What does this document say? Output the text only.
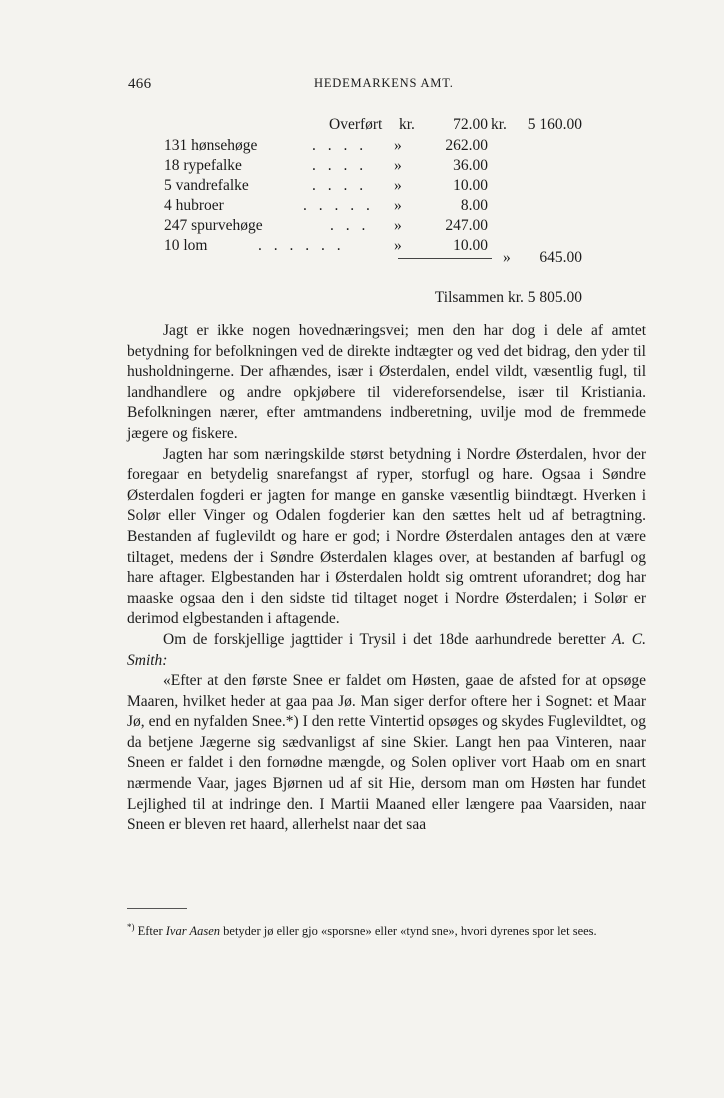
466	HEDEMARKENS AMT.
Overført kr. 72.00 kr. 5 160.00
131 hønsehøge	. . . . »	262.00
18 rypefalke	. . . . »	36.00
5 vandrefalke	. . . . »	10.00
4 hubroer	. . . . . »	8.00
247 spurvehøge	. . . »	247.00
10 lom	. . . . . .	»	10.00
» 645.00
Tilsammen kr. 5 805.00

Jagt er ikke nogen hovednæringsvei; men den har dog i dele af amtet betydning for befolkningen ved de direkte indtægter og ved det bidrag, den yder til husholdningerne. Der afhændes, især i Østerdalen, endel vildt, væsentlig fugl, til landhandlere og andre opkjøbere til videreforsendelse, især til Kristiania. Befolkningen nærer, efter amtmandens indberetning, uvilje mod de fremmede jægere og fiskere.

Jagten har som næringskilde størst betydning i Nordre Østerdalen, hvor der foregaar en betydelig snarefangst af ryper, storfugl og hare. Ogsaa i Søndre Østerdalen fogderi er jagten for mange en ganske væsentlig biindtægt. Hverken i Solør eller Vinger og Odalen fogderier kan den sættes helt ud af betragtning. Bestanden af fuglevildt og hare er god; i Nordre Østerdalen antages den at være tiltaget, medens der i Søndre Østerdalen klages over, at bestanden af barfugl og hare aftager. Elgbestanden har i Østerdalen holdt sig omtrent uforandret; dog har maaske ogsaa den i den sidste tid tiltaget noget i Nordre Østerdalen; i Solør er derimod elgbestanden i aftagende.

Om de forskjellige jagttider i Trysil i det 18de aarhundrede beretter A. C. Smith:

«Efter at den første Snee er faldet om Høsten, gaae de afsted for at opsøge Maaren, hvilket heder at gaa paa Jø. Man siger derfor oftere her i Sognet: et Maar Jø, end en nyfalden Snee.*) I den rette Vintertid opsøges og skydes Fuglevildtet, og da betjene Jægerne sig sædvanligst af sine Skier. Langt hen paa Vinteren, naar Sneen er faldet i den fornødne mængde, og Solen opliver vort Haab om en snart nærmende Vaar, jages Bjørnen ud af sit Hie, dersom man om Høsten har fundet Lejlighed til at indringe den. I Martii Maaned eller længere paa Vaarsiden, naar Sneen er bleven ret haard, allerhelst naar det saa

*) Efter Ivar Aasen betyder jø eller gjo «sporsne» eller «tynd sne», hvori dyrenes spor let sees.
